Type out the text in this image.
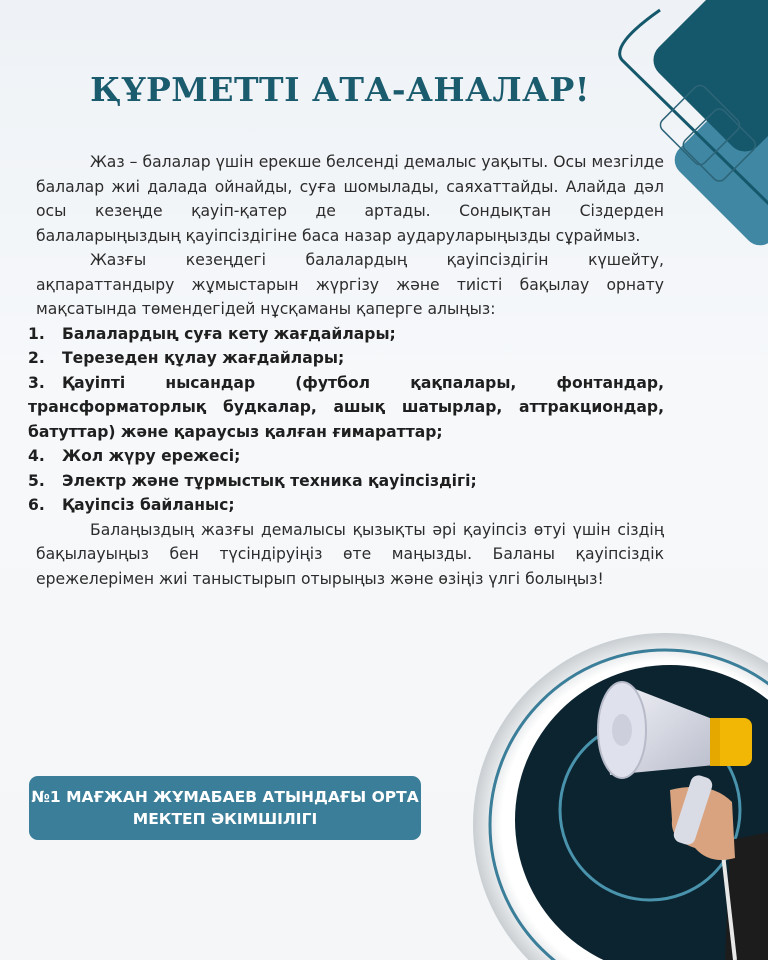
ҚҰРМЕТТІ АТА-АНАЛАР!

Жаз – балалар үшін ерекше белсенді демалыс уақыты. Осы мезгілде балалар жиі далада ойнайды, суға шомылады, саяхаттайды. Алайда дәл осы кезеңде қауіп-қатер де артады. Сондықтан Сіздерден балаларыңыздың қауіпсіздігіне баса назар аударуларыңызды сұраймыз.

Жазғы кезеңдегі балалардың қауіпсіздігін күшейту, ақпараттандыру жұмыстарын жүргізу және тиісті бақылау орнату мақсатында төмендегідей нұсқаманы қаперге алыңыз:

1. Балалардың суға кету жағдайлары;
2. Терезеден құлау жағдайлары;
3. Қауіпті нысандар (футбол қақпалары, фонтандар, трансформаторлық будкалар, ашық шатырлар, аттракциондар, батуттар) және қараусыз қалған ғимараттар;
4. Жол жүру ережесі;
5. Электр және тұрмыстық техника қауіпсіздігі;
6. Қауіпсіз байланыс;

Балаңыздың жазғы демалысы қызықты әрі қауіпсіз өтуі үшін сіздің бақылауыңыз бен түсіндіруіңіз өте маңызды. Баланы қауіпсіздік ережелерімен жиі таныстырып отырыңыз және өзіңіз үлгі болыңыз!

№1 МАҒЖАН ЖҰМАБАЕВ АТЫНДАҒЫ ОРТА
МЕКТЕП ӘКІМШІЛІГІ
